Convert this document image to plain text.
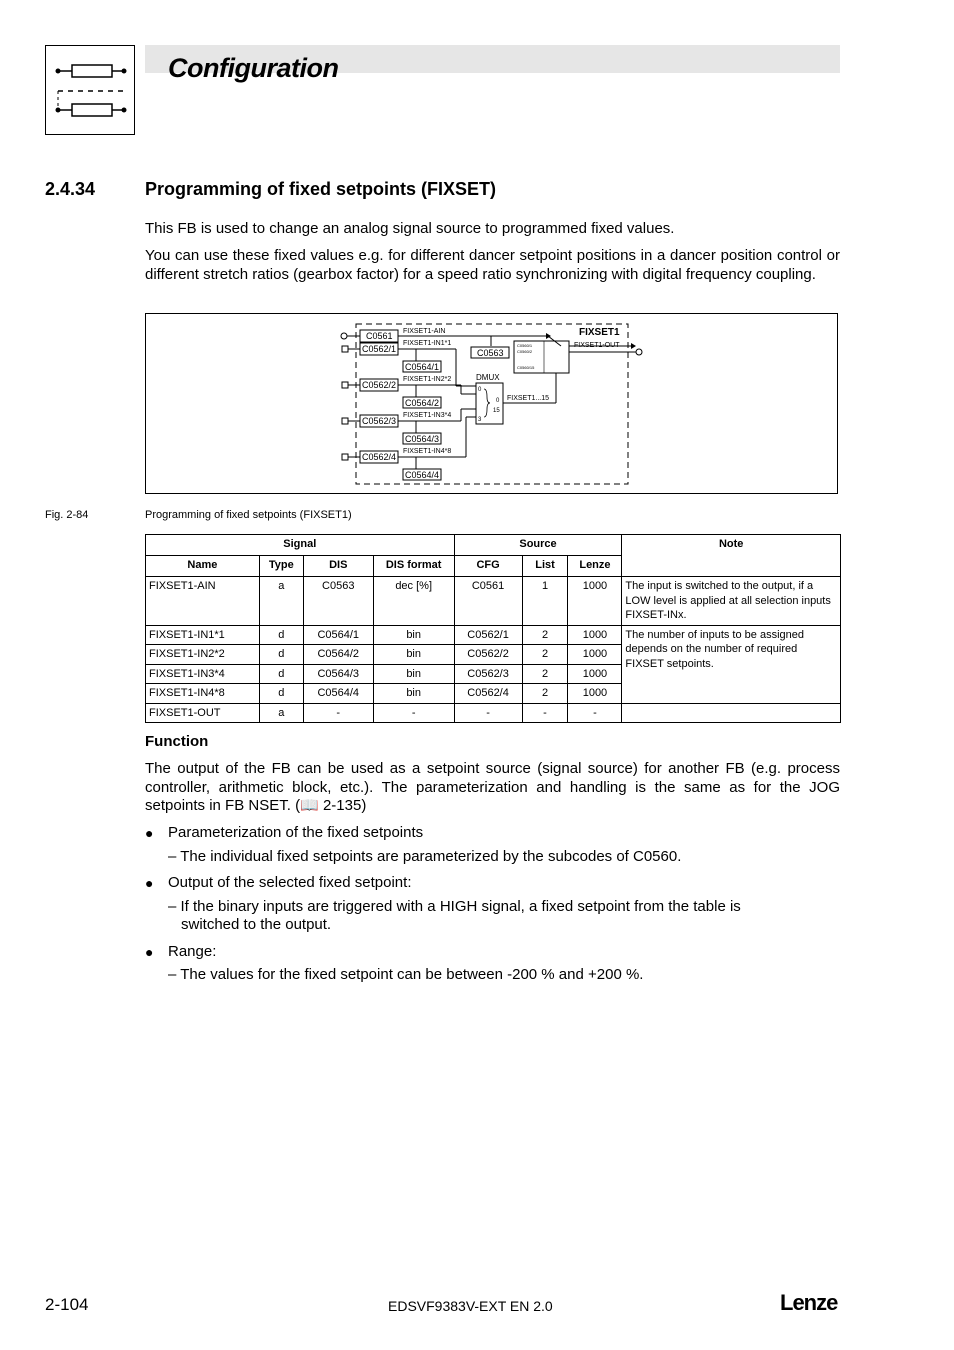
Configuration
2.4.34	Programming of fixed setpoints (FIXSET)
This FB is used to change an analog signal source to programmed fixed values.
You can use these fixed values e.g. for different dancer setpoint positions in a dancer position control or different stretch ratios (gearbox factor) for a speed ratio synchronizing with digital frequency coupling.
C0561 FIXSET1-AIN
C0563
C0562/1
FIXSET1-IN1*1
C0564/1
C0562/2
FIXSET1-IN2*2
C0564/2
C0562/3
FIXSET1-IN3*4
C0564/3
C0562/4
FIXSET1-IN4*8
C0564/4
DMUX
0
3
0
15
FIXSET1...15
C0560/1
C0560/2
C0560/15
FIXSET1
FIXSET1-OUT
Fig. 2-84	Programming of fixed setpoints (FIXSET1)
Signal				Source			Note
Name	Type	DIS	DIS format	CFG	List	Lenze	
FIXSET1-AIN	a	C0563	dec [%]	C0561	1	1000	The input is switched to the output, if a LOW level is applied at all selection inputs FIXSET-INx.
FIXSET1-IN1*1	d	C0564/1	bin	C0562/1	2	1000	The number of inputs to be assigned depends on the number of required FIXSET setpoints.
FIXSET1-IN2*2	d	C0564/2	bin	C0562/2	2	1000	
FIXSET1-IN3*4	d	C0564/3	bin	C0562/3	2	1000	
FIXSET1-IN4*8	d	C0564/4	bin	C0562/4	2	1000	
FIXSET1-OUT	a	-	-	-	-	-	
Function
The output of the FB can be used as a setpoint source (signal source) for another FB (e.g. process controller, arithmetic block, etc.). The parameterization and handling is the same as for the JOG setpoints in FB NSET. (📖 2-135)
● Parameterization of the fixed setpoints
– The individual fixed setpoints are parameterized by the subcodes of C0560.
● Output of the selected fixed setpoint:
– If the binary inputs are triggered with a HIGH signal, a fixed setpoint from the table is switched to the output.
● Range:
– The values for the fixed setpoint can be between -200 % and +200 %.
2-104	EDSVF9383V-EXT EN 2.0	Lenze
